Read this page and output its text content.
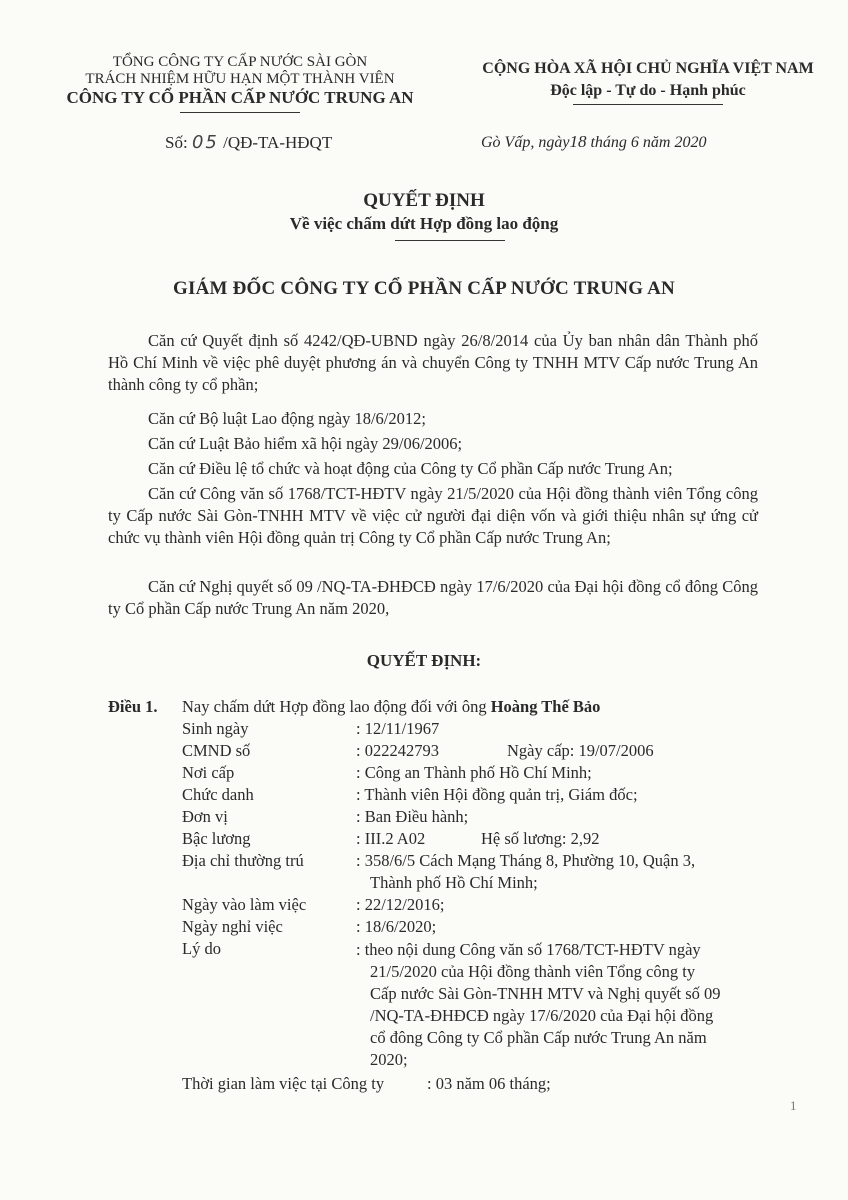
TỔNG CÔNG TY CẤP NƯỚC SÀI GÒN
TRÁCH NHIỆM HỮU HẠN MỘT THÀNH VIÊN
CÔNG TY CỔ PHẦN CẤP NƯỚC TRUNG AN
CỘNG HÒA XÃ HỘI CHỦ NGHĨA VIỆT NAM
Độc lập - Tự do - Hạnh phúc
Số: 05 /QĐ-TA-HĐQT	Gò Vấp, ngày18 tháng 6 năm 2020
QUYẾT ĐỊNH
Về việc chấm dứt Hợp đồng lao động
GIÁM ĐỐC CÔNG TY CỔ PHẦN CẤP NƯỚC TRUNG AN
Căn cứ Quyết định số 4242/QĐ-UBND ngày 26/8/2014 của Ủy ban nhân dân Thành phố Hồ Chí Minh về việc phê duyệt phương án và chuyển Công ty TNHH MTV Cấp nước Trung An thành công ty cổ phần;
Căn cứ Bộ luật Lao động ngày 18/6/2012;
Căn cứ Luật Bảo hiểm xã hội ngày 29/06/2006;
Căn cứ Điều lệ tổ chức và hoạt động của Công ty Cổ phần Cấp nước Trung An;
Căn cứ Công văn số 1768/TCT-HĐTV ngày 21/5/2020 của Hội đồng thành viên Tổng công ty Cấp nước Sài Gòn-TNHH MTV về việc cử người đại diện vốn và giới thiệu nhân sự ứng cử chức vụ thành viên Hội đồng quản trị Công ty Cổ phần Cấp nước Trung An;
Căn cứ Nghị quyết số 09 /NQ-TA-ĐHĐCĐ ngày 17/6/2020 của Đại hội đồng cổ đông Công ty Cổ phần Cấp nước Trung An năm 2020,
QUYẾT ĐỊNH:
Điều 1. Nay chấm dứt Hợp đồng lao động đối với ông Hoàng Thế Bảo
Sinh ngày	: 12/11/1967
CMND số	: 022242793	Ngày cấp: 19/07/2006
Nơi cấp	: Công an Thành phố Hồ Chí Minh;
Chức danh	: Thành viên Hội đồng quản trị, Giám đốc;
Đơn vị	: Ban Điều hành;
Bậc lương	: III.2 A02	Hệ số lương: 2,92
Địa chỉ thường trú	: 358/6/5 Cách Mạng Tháng 8, Phường 10, Quận 3,
Thành phố Hồ Chí Minh;
Ngày vào làm việc	: 22/12/2016;
Ngày nghỉ việc	: 18/6/2020;
Lý do	: theo nội dung Công văn số 1768/TCT-HĐTV ngày
21/5/2020 của Hội đồng thành viên Tổng công ty
Cấp nước Sài Gòn-TNHH MTV và Nghị quyết số 09
/NQ-TA-ĐHĐCĐ ngày 17/6/2020 của Đại hội đồng
cổ đông Công ty Cổ phần Cấp nước Trung An năm
2020;
Thời gian làm việc tại Công ty	: 03 năm 06 tháng;
1
